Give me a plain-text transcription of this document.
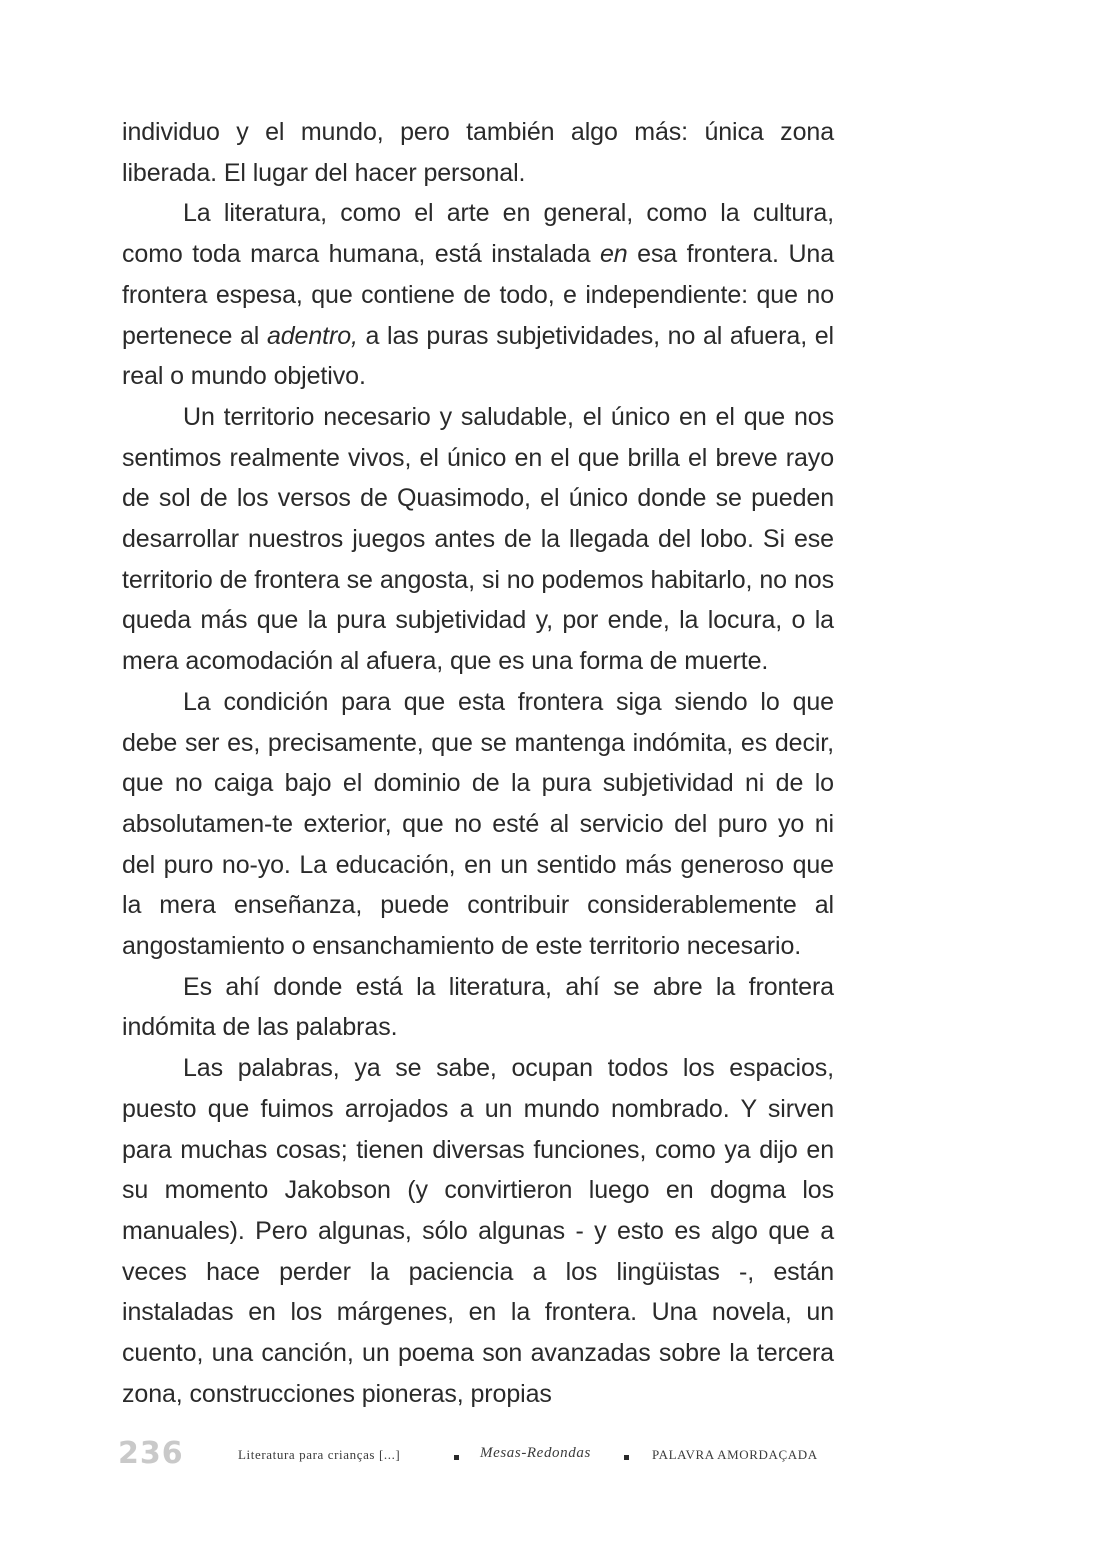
individuo y el mundo, pero también algo más: única zona liberada. El lugar del hacer personal.

La literatura, como el arte en general, como la cultura, como toda marca humana, está instalada en esa frontera. Una frontera espesa, que contiene de todo, e independiente: que no pertenece al adentro, a las puras subjetividades, no al afuera, el real o mundo objetivo.

Un territorio necesario y saludable, el único en el que nos sentimos realmente vivos, el único en el que brilla el breve rayo de sol de los versos de Quasimodo, el único donde se pueden desarrollar nuestros juegos antes de la llegada del lobo. Si ese territorio de frontera se angosta, si no podemos habitarlo, no nos queda más que la pura subjetividad y, por ende, la locura, o la mera acomodación al afuera, que es una forma de muerte.

La condición para que esta frontera siga siendo lo que debe ser es, precisamente, que se mantenga indómita, es decir, que no caiga bajo el dominio de la pura subjetividad ni de lo absolutamen-te exterior, que no esté al servicio del puro yo ni del puro no-yo. La educación, en un sentido más generoso que la mera enseñanza, puede contribuir considerablemente al angostamiento o ensanchamiento de este territorio necesario.

Es ahí donde está la literatura, ahí se abre la frontera indómita de las palabras.

Las palabras, ya se sabe, ocupan todos los espacios, puesto que fuimos arrojados a un mundo nombrado. Y sirven para muchas cosas; tienen diversas funciones, como ya dijo en su momento Jakobson (y convirtieron luego en dogma los manuales). Pero algunas, sólo algunas - y esto es algo que a veces hace perder la paciencia a los lingüistas -, están instaladas en los márgenes, en la frontera. Una novela, un cuento, una canción, un poema son avanzadas sobre la tercera zona, construcciones pioneras, propias

236	Literatura para crianças [...]	Mesas-Redondas	PALAVRA AMORDAÇADA
